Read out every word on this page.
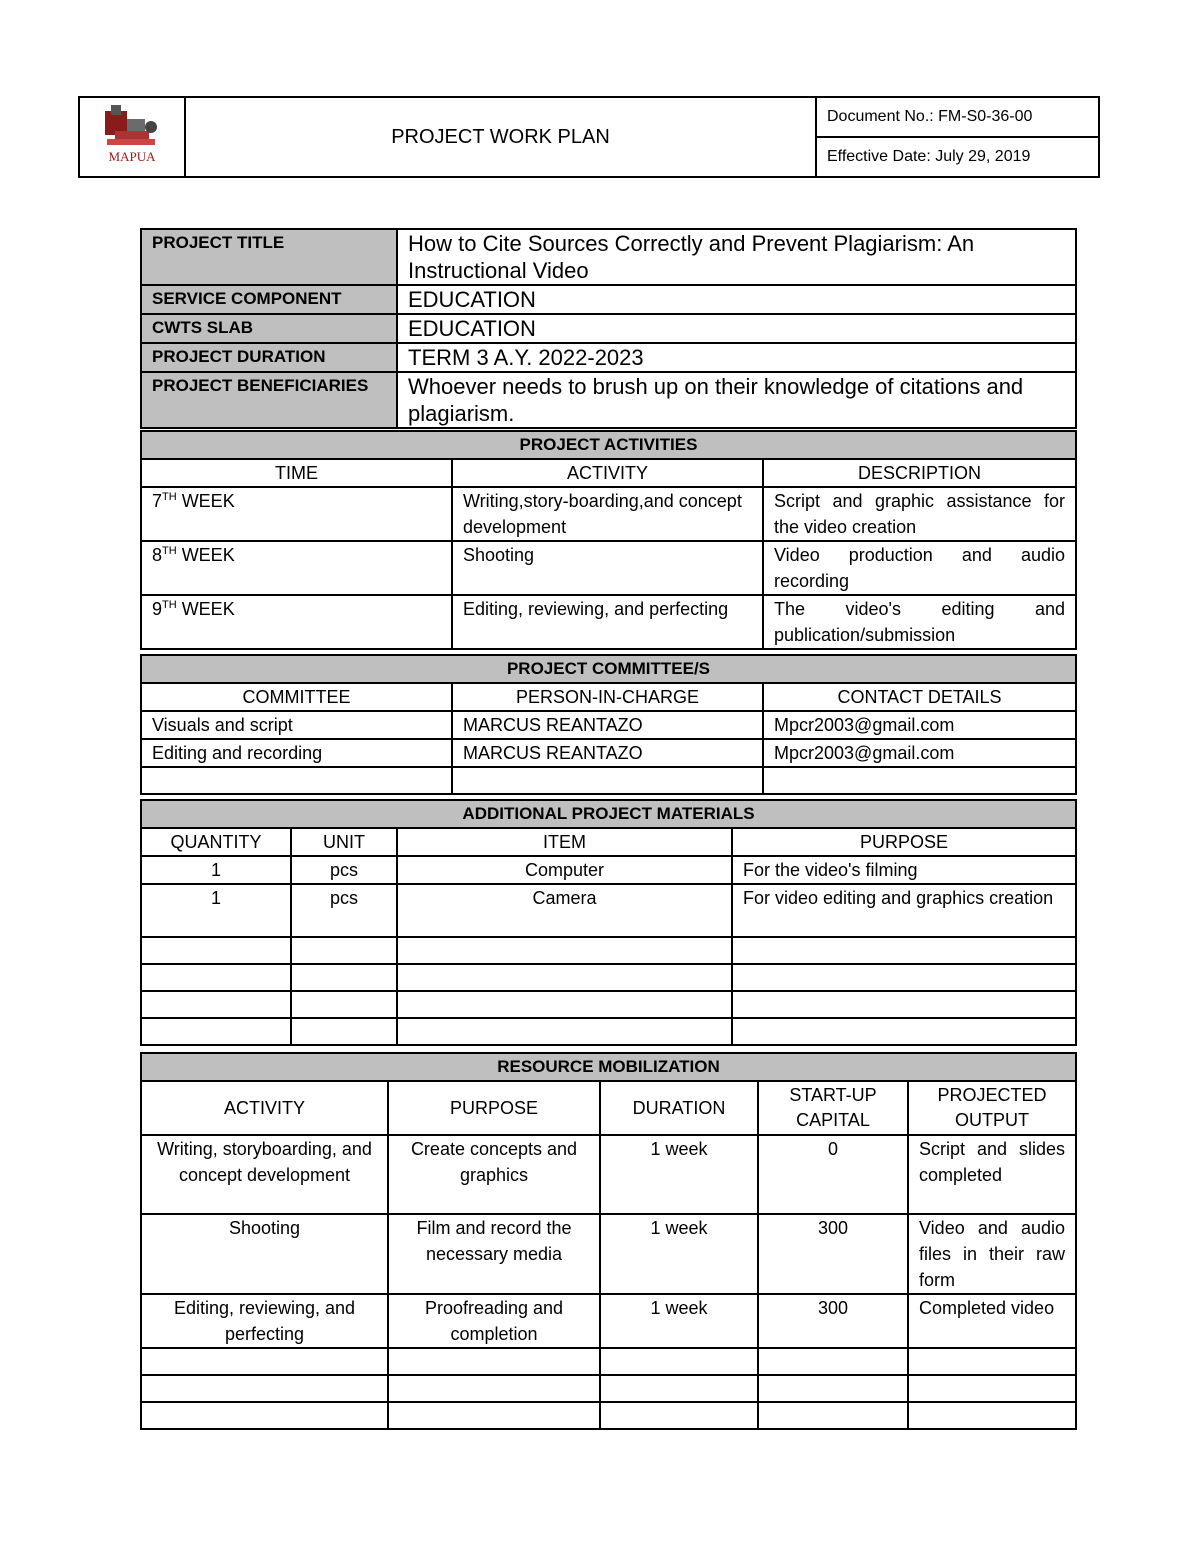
MAPUA
	PROJECT WORK PLAN	Document No.: FM-S0-36-00
Effective Date: July 29, 2019
PROJECT TITLE	How to Cite Sources Correctly and Prevent Plagiarism: An Instructional Video
SERVICE COMPONENT	EDUCATION
CWTS SLAB	EDUCATION
PROJECT DURATION	TERM 3 A.Y. 2022-2023
PROJECT BENEFICIARIES	Whoever needs to brush up on their knowledge of citations and plagiarism.
PROJECT ACTIVITIES		
TIME	ACTIVITY	DESCRIPTION
7TH WEEK	Writing,story-boarding,and concept development	Script and graphic assistance for the video creation
8TH WEEK	Shooting	Video production and audio recording
9TH WEEK	Editing, reviewing, and perfecting	The video's editing and publication/submission
PROJECT COMMITTEE/S		
COMMITTEE	PERSON-IN-CHARGE	CONTACT DETAILS
Visuals and script	MARCUS REANTAZO	Mpcr2003@gmail.com
Editing and recording	MARCUS REANTAZO	Mpcr2003@gmail.com

ADDITIONAL PROJECT MATERIALS			
QUANTITY	UNIT	ITEM	PURPOSE
1	pcs	Computer	For the video's filming
1	pcs	Camera	For video editing and graphics creation

RESOURCE MOBILIZATION				
ACTIVITY	PURPOSE	DURATION	START-UP CAPITAL	PROJECTED OUTPUT
Writing, storyboarding, and concept development	Create concepts and graphics	1 week	0	Script and slides completed
Shooting	Film and record the necessary media	1 week	300	Video and audio files in their raw form
Editing, reviewing, and perfecting	Proofreading and completion	1 week	300	Completed video
